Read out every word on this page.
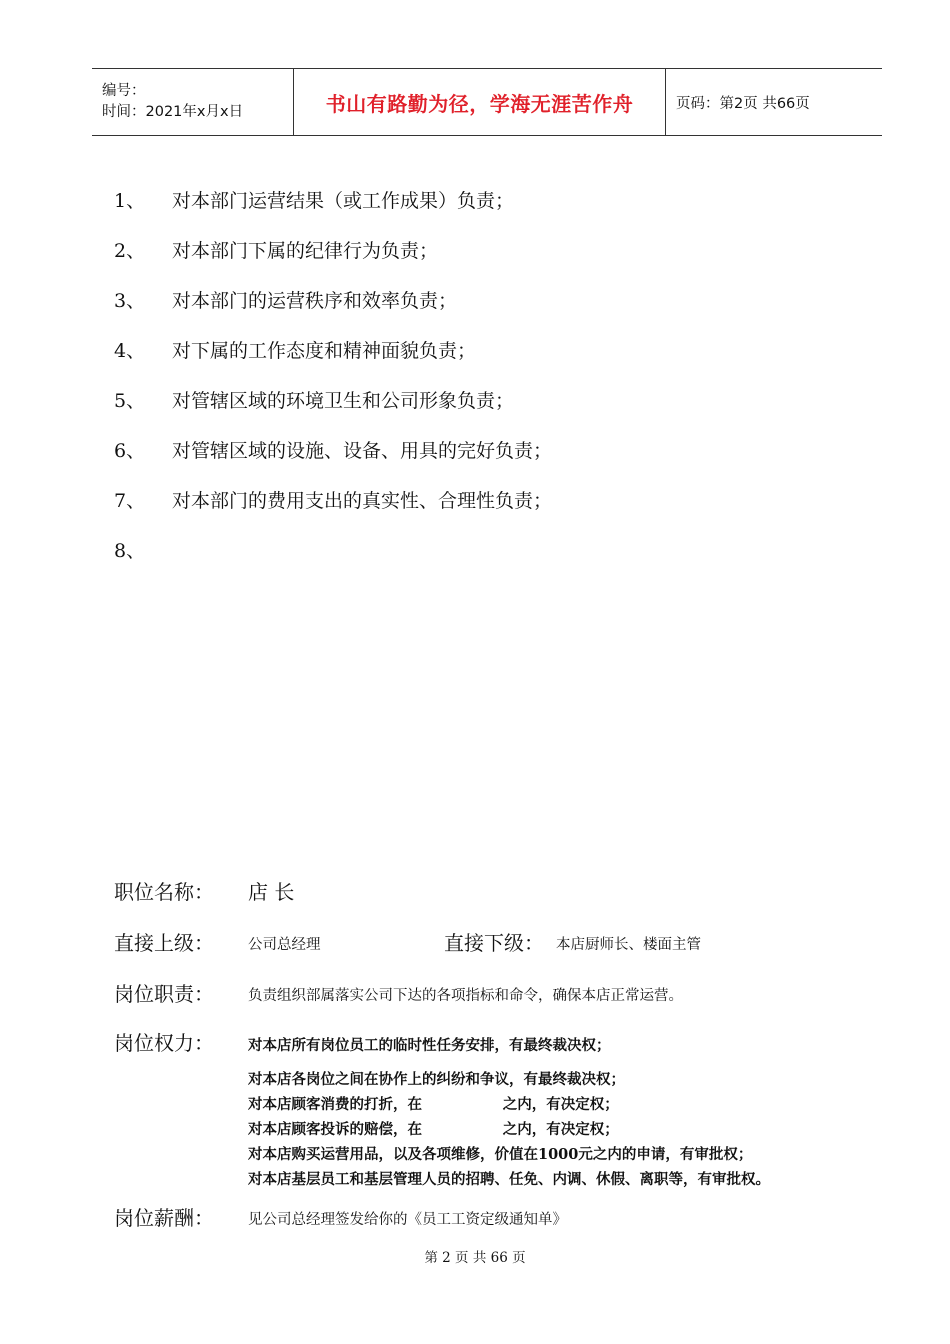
编号：
时间：2021年x月x日	书山有路勤为径，学海无涯苦作舟	页码：第2页 共66页
1、	对本部门运营结果（或工作成果）负责；
2、	对本部门下属的纪律行为负责；
3、	对本部门的运营秩序和效率负责；
4、	对下属的工作态度和精神面貌负责；
5、	对管辖区域的环境卫生和公司形象负责；
6、	对管辖区域的设施、设备、用具的完好负责；
7、	对本部门的费用支出的真实性、合理性负责；
8、
职位名称： 店 长
直接上级： 公司总经理	直接下级： 本店厨师长、楼面主管
岗位职责： 负责组织部属落实公司下达的各项指标和命令，确保本店正常运营。
岗位权力： 对本店所有岗位员工的临时性任务安排，有最终裁决权；
对本店各岗位之间在协作上的纠纷和争议，有最终裁决权；
对本店顾客消费的打折，在                之内，有决定权；
对本店顾客投诉的赔偿，在                之内，有决定权；
对本店购买运营用品，以及各项维修，价值在1000元之内的申请，有审批权；
对本店基层员工和基层管理人员的招聘、任免、内调、休假、离职等，有审批权。
岗位薪酬： 见公司总经理签发给你的《员工工资定级通知单》
第 2 页 共 66 页
